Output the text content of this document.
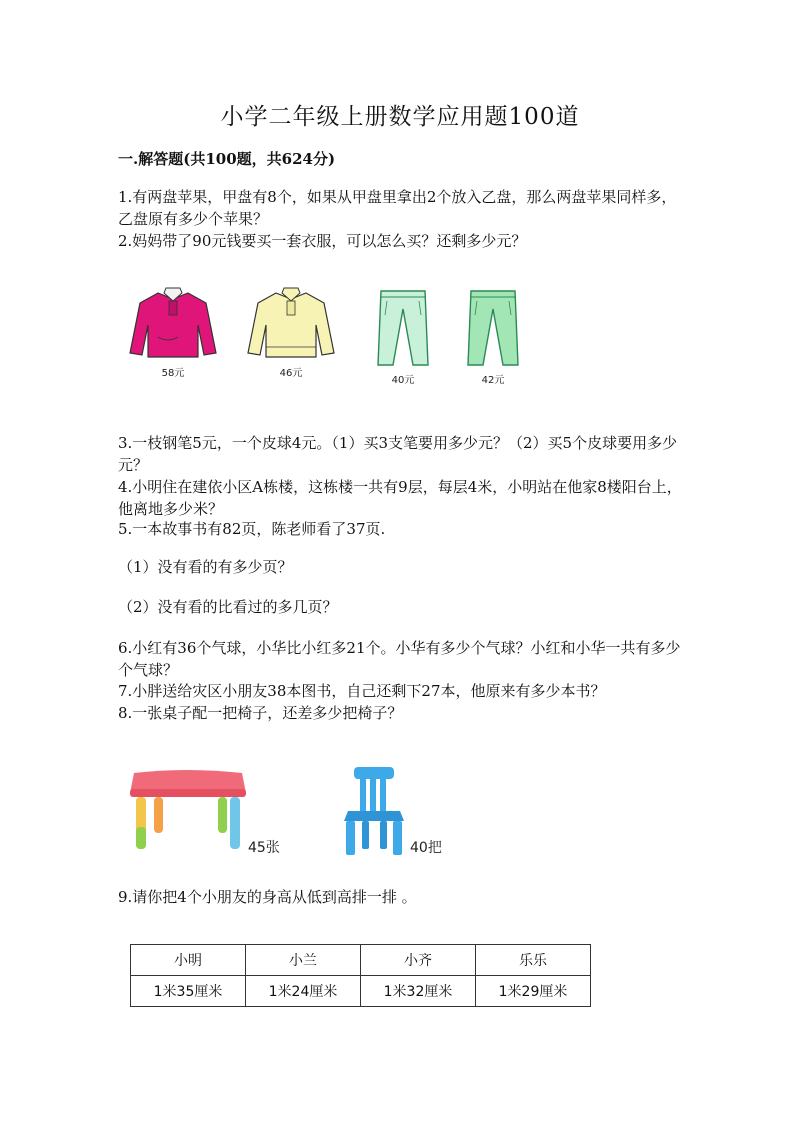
小学二年级上册数学应用题100道
一.解答题(共100题，共624分)

1.有两盘苹果，甲盘有8个，如果从甲盘里拿出2个放入乙盘，那么两盘苹果同样多，乙盘原有多少个苹果？

2.妈妈带了90元钱要买一套衣服，可以怎么买？还剩多少元？

58元	46元
40元	42元

3.一枝钢笔5元，一个皮球4元。（1）买3支笔要用多少元？（2）买5个皮球要用多少元？

4.小明住在建依小区A栋楼，这栋楼一共有9层，每层4米，小明站在他家8楼阳台上，他离地多少米？

5.一本故事书有82页，陈老师看了37页.

（1）没有看的有多少页？

（2）没有看的比看过的多几页？

6.小红有36个气球，小华比小红多21个。小华有多少个气球？小红和小华一共有多少个气球？

7.小胖送给灾区小朋友38本图书，自己还剩下27本，他原来有多少本书？

8.一张桌子配一把椅子，还差多少把椅子？

45张	40把

9.请你把4个小朋友的身高从低到高排一排 。

小明	小兰	小齐	乐乐
1米35厘米	1米24厘米	1米32厘米	1米29厘米
